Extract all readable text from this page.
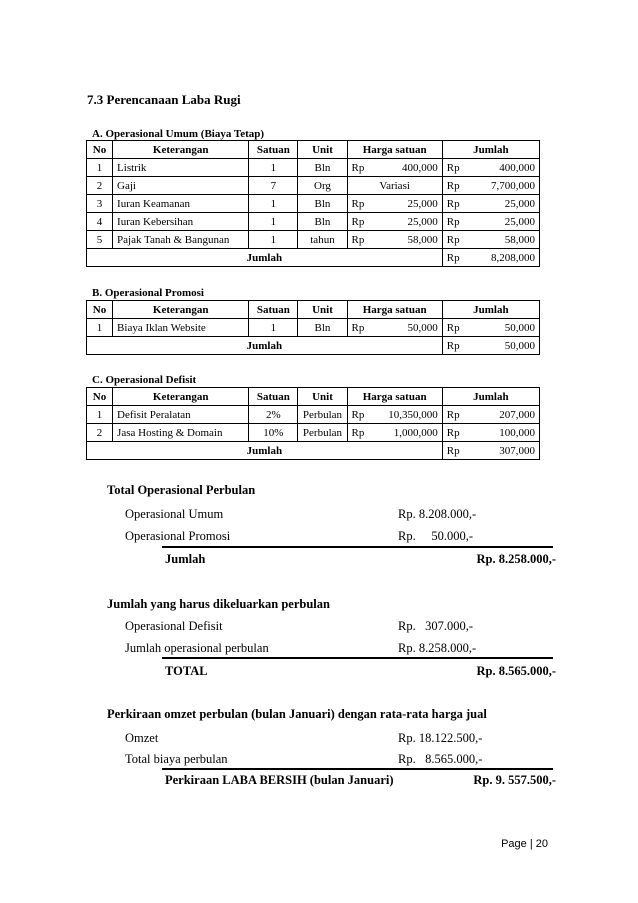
7.3 Perencanaan Laba Rugi
A. Operasional Umum (Biaya Tetap)
No	Keterangan	Satuan	Unit	Harga satuan	Jumlah
1	Listrik	1	Bln	Rp 400,000	Rp 400,000

2	Gaji	7	Org	Variasi	Rp 7,700,000

3	Iuran Keamanan	1	Bln	Rp 25,000	Rp 25,000

4	Iuran Kebersihan	1	Bln	Rp 25,000	Rp 25,000

5	Pajak Tanah & Bangunan	1	tahun	Rp 58,000	Rp 58,000

Jumlah					Rp 8,208,000
B. Operasional Promosi
No	Keterangan	Satuan	Unit	Harga satuan	Jumlah
1	Biaya Iklan Website	1	Bln	Rp 50,000	Rp 50,000

Jumlah					Rp 50,000
C. Operasional Defisit
No	Keterangan	Satuan	Unit	Harga satuan	Jumlah
1	Defisit Peralatan	2%	Perbulan	Rp 10,350,000	Rp 207,000

2	Jasa Hosting & Domain	10%	Perbulan	Rp 1,000,000	Rp 100,000

Jumlah					Rp 307,000
Total Operasional Perbulan
Operasional Umum	Rp. 8.208.000,-
Operasional Promosi	Rp.     50.000,-
Jumlah	Rp. 8.258.000,-
Jumlah yang harus dikeluarkan perbulan
Operasional Defisit	Rp.   307.000,-
Jumlah operasional perbulan	Rp. 8.258.000,-
TOTAL	Rp. 8.565.000,-
Perkiraan omzet perbulan (bulan Januari) dengan rata-rata harga jual
Omzet	Rp. 18.122.500,-
Total biaya perbulan	Rp.   8.565.000,-
Perkiraan LABA BERSIH (bulan Januari)	Rp. 9. 557.500,-
Page | 20
